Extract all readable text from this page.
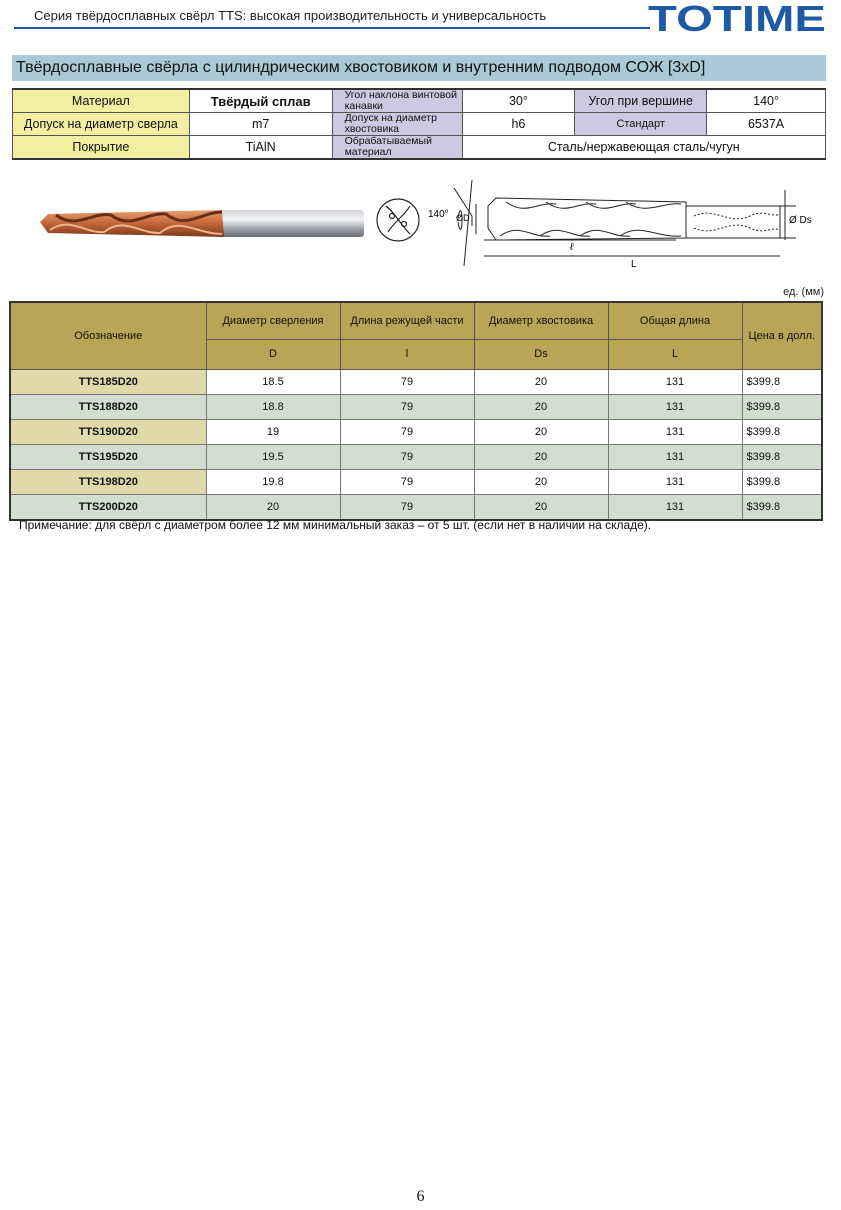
Серия твёрдосплавных свёрл TTS: высокая производительность и универсальность	TOTIME
Твёрдосплавные свёрла с цилиндрическим хвостовиком и внутренним подводом СОЖ [3xD]
Материал	Твёрдый сплав	Угол наклона винтовой канавки	30°	Угол при вершине	140°
Допуск на диаметр сверла	m7	Допуск на диаметр хвостовика	h6	Стандарт	6537A
Покрытие	TiAlN	Обрабатываемый материал	Сталь/нержавеющая сталь/чугун		
140° ØD	Ø Ds
ℓ
L
ед. (мм)
Обозначение	Диаметр сверления	Длина режущей части	Диаметр хвостовика	Общая длина	Цена в долл.
	D	l	Ds	L	
TTS185D20	18.5	79	20	131	$399.8
TTS188D20	18.8	79	20	131	$399.8
TTS190D20	19	79	20	131	$399.8
TTS195D20	19.5	79	20	131	$399.8
TTS198D20	19.8	79	20	131	$399.8
TTS200D20	20	79	20	131	$399.8
Примечание: для свёрл с диаметром более 12 мм минимальный заказ – от 5 шт. (если нет в наличии на складе).
6
